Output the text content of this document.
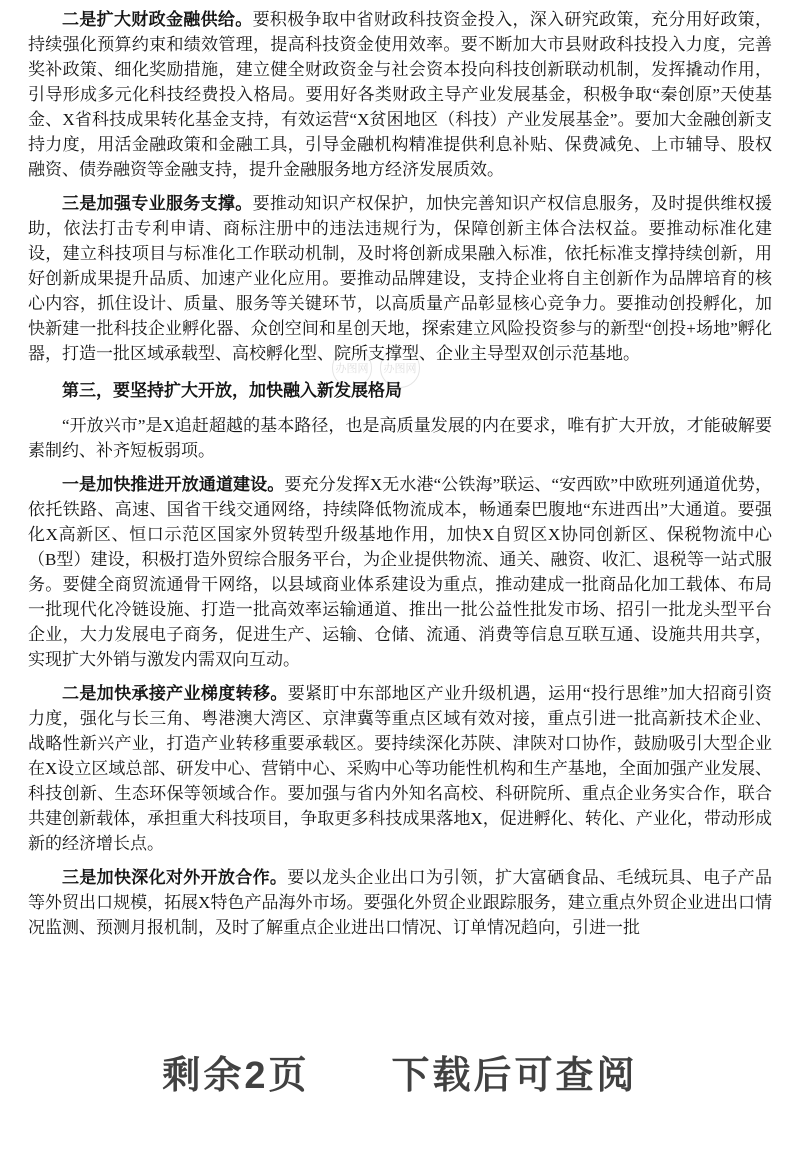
办图网	办图网

二是扩大财政金融供给。要积极争取中省财政科技资金投入，深入研究政策，充分用好政策，持续强化预算约束和绩效管理，提高科技资金使用效率。要不断加大市县财政科技投入力度，完善奖补政策、细化奖励措施，建立健全财政资金与社会资本投向科技创新联动机制，发挥撬动作用，引导形成多元化科技经费投入格局。要用好各类财政主导产业发展基金，积极争取“秦创原”天使基金、X省科技成果转化基金支持，有效运营“X贫困地区（科技）产业发展基金”。要加大金融创新支持力度，用活金融政策和金融工具，引导金融机构精准提供利息补贴、保费减免、上市辅导、股权融资、债券融资等金融支持，提升金融服务地方经济发展质效。

三是加强专业服务支撑。要推动知识产权保护，加快完善知识产权信息服务，及时提供维权援助，依法打击专利申请、商标注册中的违法违规行为，保障创新主体合法权益。要推动标准化建设，建立科技项目与标准化工作联动机制，及时将创新成果融入标准，依托标准支撑持续创新，用好创新成果提升品质、加速产业化应用。要推动品牌建设，支持企业将自主创新作为品牌培育的核心内容，抓住设计、质量、服务等关键环节，以高质量产品彰显核心竞争力。要推动创投孵化，加快新建一批科技企业孵化器、众创空间和星创天地，探索建立风险投资参与的新型“创投+场地”孵化器，打造一批区域承载型、高校孵化型、院所支撑型、企业主导型双创示范基地。

第三，要坚持扩大开放，加快融入新发展格局

“开放兴市”是X追赶超越的基本路径，也是高质量发展的内在要求，唯有扩大开放，才能破解要素制约、补齐短板弱项。

一是加快推进开放通道建设。要充分发挥X无水港“公铁海”联运、“安西欧”中欧班列通道优势，依托铁路、高速、国省干线交通网络，持续降低物流成本，畅通秦巴腹地“东进西出”大通道。要强化X高新区、恒口示范区国家外贸转型升级基地作用，加快X自贸区X协同创新区、保税物流中心（B型）建设，积极打造外贸综合服务平台，为企业提供物流、通关、融资、收汇、退税等一站式服务。要健全商贸流通骨干网络，以县域商业体系建设为重点，推动建成一批商品化加工载体、布局一批现代化冷链设施、打造一批高效率运输通道、推出一批公益性批发市场、招引一批龙头型平台企业，大力发展电子商务，促进生产、运输、仓储、流通、消费等信息互联互通、设施共用共享，实现扩大外销与激发内需双向互动。

二是加快承接产业梯度转移。要紧盯中东部地区产业升级机遇，运用“投行思维”加大招商引资力度，强化与长三角、粤港澳大湾区、京津冀等重点区域有效对接，重点引进一批高新技术企业、战略性新兴产业，打造产业转移重要承载区。要持续深化苏陕、津陕对口协作，鼓励吸引大型企业在X设立区域总部、研发中心、营销中心、采购中心等功能性机构和生产基地，全面加强产业发展、科技创新、生态环保等领域合作。要加强与省内外知名高校、科研院所、重点企业务实合作，联合共建创新载体，承担重大科技项目，争取更多科技成果落地X，促进孵化、转化、产业化，带动形成新的经济增长点。

三是加快深化对外开放合作。要以龙头企业出口为引领，扩大富硒食品、毛绒玩具、电子产品等外贸出口规模，拓展X特色产品海外市场。要强化外贸企业跟踪服务，建立重点外贸企业进出口情况监测、预测月报机制，及时了解重点企业进出口情况、订单情况趋向，引进一批

剩余2页　　下载后可查阅
